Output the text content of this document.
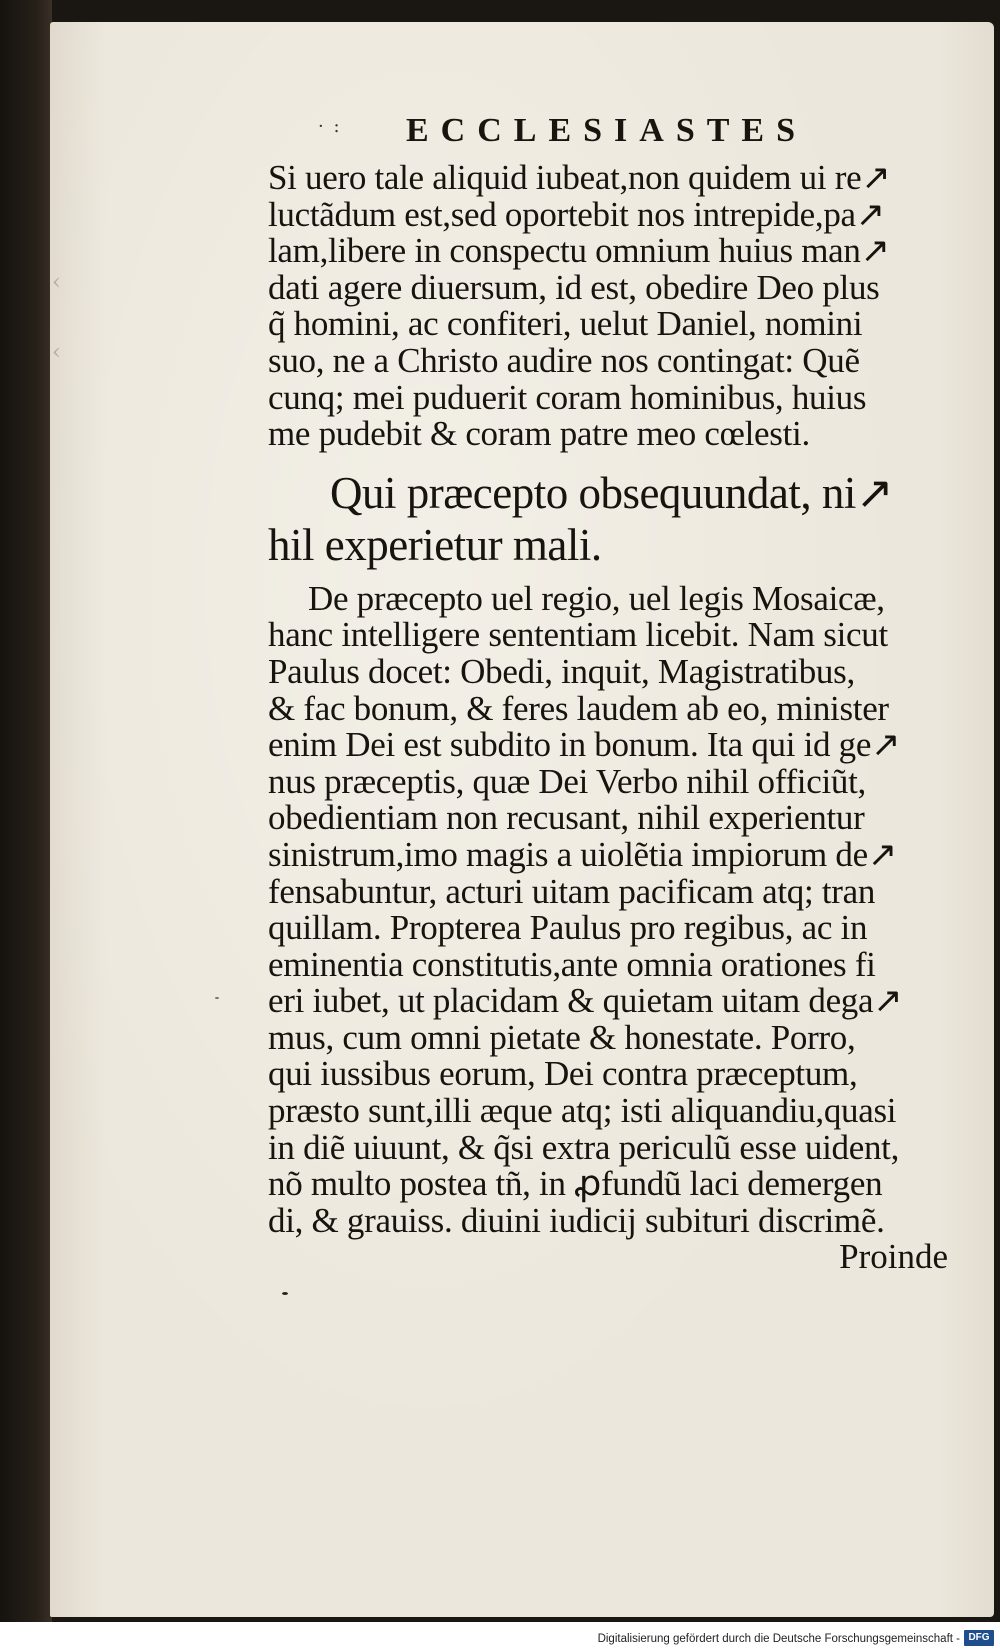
‹
‹
· : ECCLESIASTES
Si uero tale aliquid iubeat,non quidem ui re↗
luctãdum est,sed oportebit nos intrepide,pa↗
lam,libere in conspectu omnium huius man↗
dati agere diuersum, id est, obedire Deo plus
q̃ homini, ac confiteri, uelut Daniel, nomini
suo, ne a Christo audire nos contingat: Quẽ
cunq; mei puduerit coram hominibus, huius
me pudebit & coram patre meo cœlesti.
Qui præcepto obsequundat, ni↗
hil experietur mali.
De præcepto uel regio, uel legis Mosaicæ,
hanc intelligere sententiam licebit. Nam sicut
Paulus docet: Obedi, inquit, Magistratibus,
& fac bonum, & feres laudem ab eo, minister
enim Dei est subdito in bonum. Ita qui id ge↗
nus præceptis, quæ Dei Verbo nihil officiũt,
obedientiam non recusant, nihil experientur
sinistrum,imo magis a uiolẽtia impiorum de↗
fensabuntur, acturi uitam pacificam atq; tran
quillam. Propterea Paulus pro regibus, ac in
eminentia constitutis,ante omnia orationes fi
eri iubet, ut placidam & quietam uitam dega↗
mus, cum omni pietate & honestate. Porro,
qui iussibus eorum, Dei contra præceptum,
præsto sunt,illi æque atq; isti aliquandiu,quasi
in diẽ uiuunt, & q̃si extra periculũ esse uident,
nõ multo postea tñ, in ꝓfundũ laci demergen
di, & grauiss. diuini iudicij subituri discrimẽ.
Proinde
Digitalisierung gefördert durch die Deutsche Forschungsgemeinschaft - DFG
